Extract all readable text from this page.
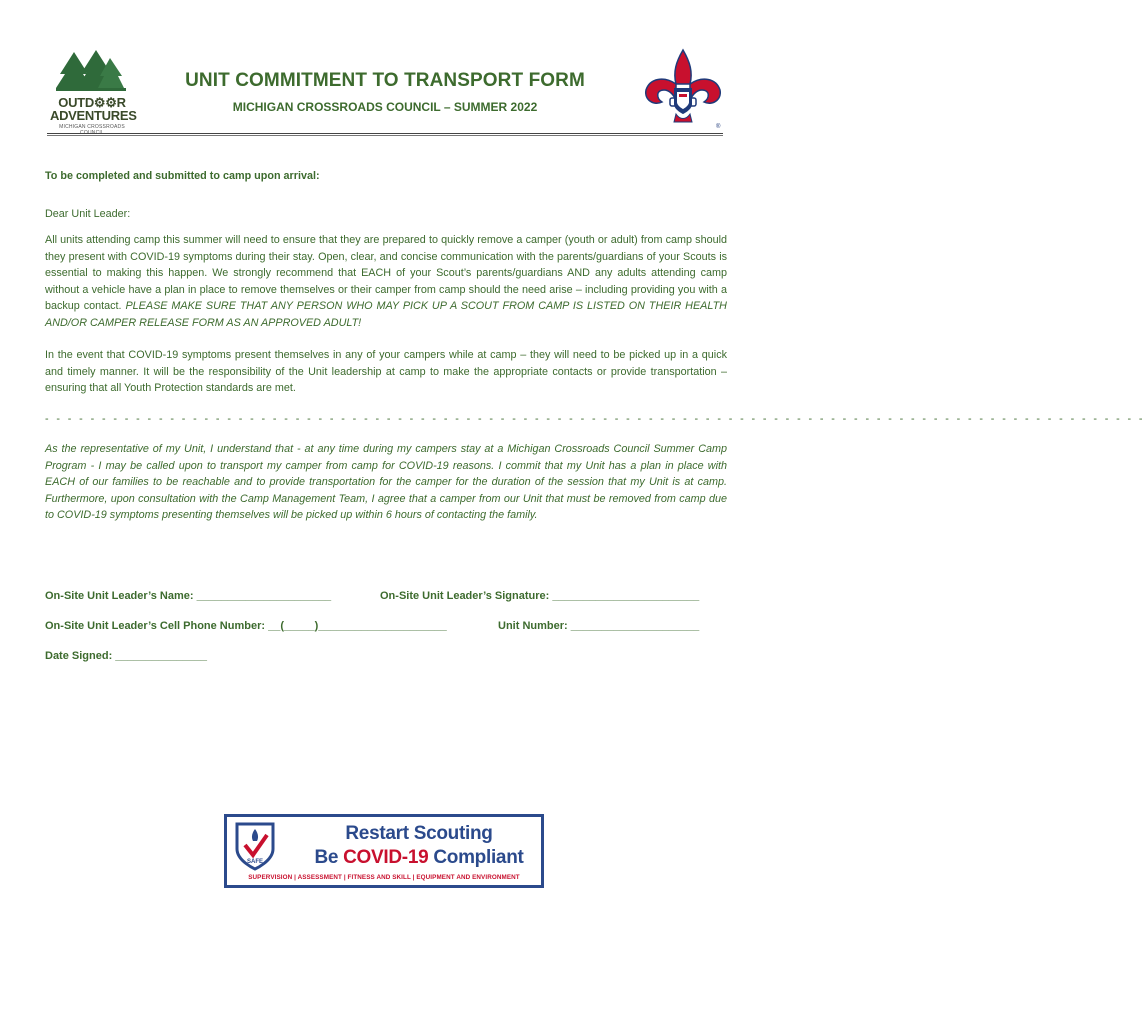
OUTD⚙⚙R
ADVENTURES
MICHIGAN CROSSROADS COUNCIL
UNIT COMMITMENT TO TRANSPORT FORM
MICHIGAN CROSSROADS COUNCIL – SUMMER 2022
®
To be completed and submitted to camp upon arrival:
Dear Unit Leader:
All units attending camp this summer will need to ensure that they are prepared to quickly remove a camper (youth or adult) from camp should they present with COVID-19 symptoms during their stay. Open, clear, and concise communication with the parents/guardians of your Scouts is essential to making this happen. We strongly recommend that EACH of your Scout’s parents/guardians AND any adults attending camp without a vehicle have a plan in place to remove themselves or their camper from camp should the need arise – including providing you with a backup contact. PLEASE MAKE SURE THAT ANY PERSON WHO MAY PICK UP A SCOUT FROM CAMP IS LISTED ON THEIR HEALTH AND/OR CAMPER RELEASE FORM AS AN APPROVED ADULT!
In the event that COVID-19 symptoms present themselves in any of your campers while at camp – they will need to be picked up in a quick and timely manner. It will be the responsibility of the Unit leadership at camp to make the appropriate contacts or provide transportation – ensuring that all Youth Protection standards are met.
- - - - - - - - - - - - - - - - - - - - - - - - - - - - - - - - - - - - - - - - - - - - - - - - - - - - - - - - - - - - - - - - - - - - - - - - - - - - - - - - - - - - - - - - - - - - - - - - -
As the representative of my Unit, I understand that - at any time during my campers stay at a Michigan Crossroads Council Summer Camp Program - I may be called upon to transport my camper from camp for COVID-19 reasons. I commit that my Unit has a plan in place with EACH of our families to be reachable and to provide transportation for the camper for the duration of the session that my Unit is at camp. Furthermore, upon consultation with the Camp Management Team, I agree that a camper from our Unit that must be removed from camp due to COVID-19 symptoms presenting themselves will be picked up within 6 hours of contacting the family.
On-Site Unit Leader’s Name: ______________________	On-Site Unit Leader’s Signature: ________________________
On-Site Unit Leader’s Cell Phone Number: __(_____)_____________________	Unit Number: _____________________
Date Signed: _______________
SAFE
Restart Scouting
Be COVID-19 Compliant
SUPERVISION | ASSESSMENT | FITNESS AND SKILL | EQUIPMENT AND ENVIRONMENT
